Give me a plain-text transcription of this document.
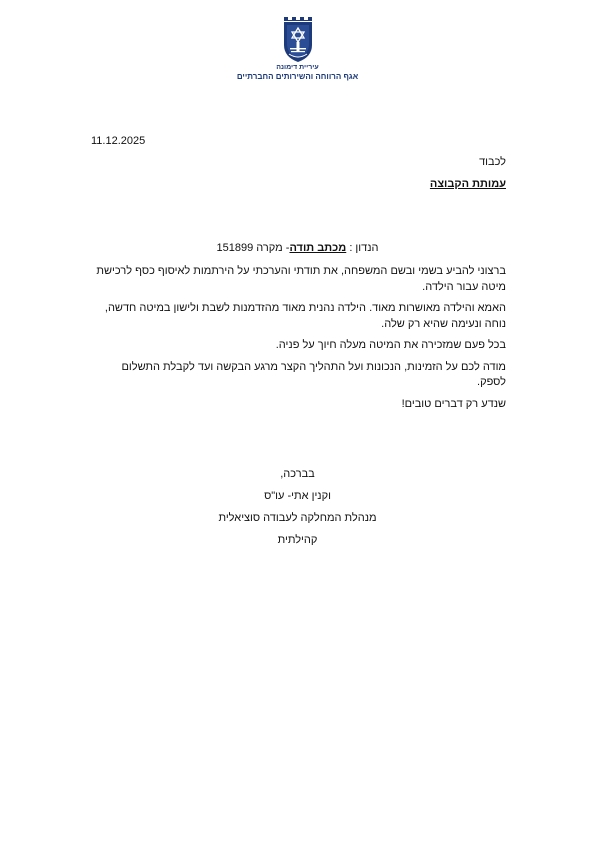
עיריית דימונה
אגף הרווחה והשירותים החברתיים
11.12.2025
לכבוד
עמותת הקבוצה
הנדון : מכתב תודה- מקרה 151899

ברצוני להביע בשמי ובשם המשפחה, את תודתי והערכתי על הירתמות לאיסוף כסף לרכישת מיטה עבור הילדה.

האמא והילדה מאושרות מאוד. הילדה נהנית מאוד מהזדמנות לשבת ולישון במיטה חדשה, נוחה ונעימה שהיא רק שלה.

בכל פעם שמזכירה את המיטה מעלה חיוך על פניה.

מודה לכם על הזמינות, הנכונות ועל התהליך הקצר מרגע הבקשה ועד לקבלת התשלום לספק.

שנדע רק דברים טובים!

בברכה,
וקנין אתי- עו"ס
מנהלת המחלקה לעבודה סוציאלית
קהילתית
